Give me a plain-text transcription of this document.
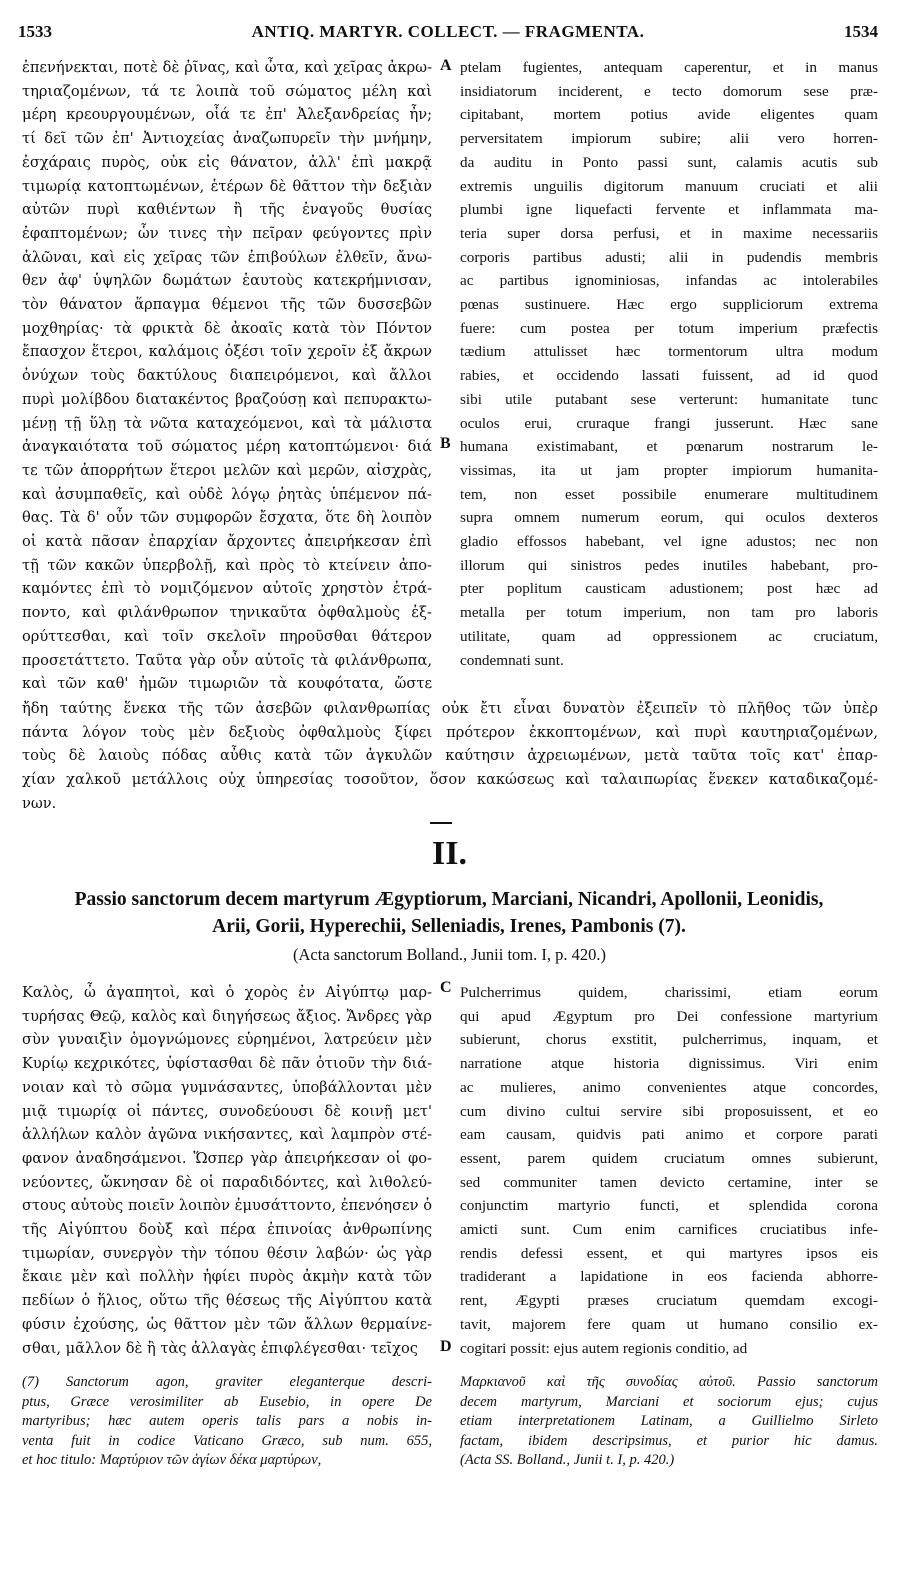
1533	ANTIQ. MARTYR. COLLECT. — FRAGMENTA.	1534
ἐπενήνεκται, ποτὲ δὲ ῥῖνας, καὶ ὦτα, καὶ χεῖρας ἀκρω-
τηριαζομένων, τά τε λοιπὰ τοῦ σώματος μέλη καὶ
μέρη κρεουργουμένων, οἷά τε ἐπ' Ἀλεξανδρείας ἦν;
τί δεῖ τῶν ἐπ' Ἀντιοχείας ἀναζωπυρεῖν τὴν μνήμην,
ἐσχάραις πυρὸς, οὐκ εἰς θάνατον, ἀλλ' ἐπὶ μακρᾷ
τιμωρίᾳ κατοπτωμένων, ἑτέρων δὲ θᾶττον τὴν δεξιὰν
αὐτῶν πυρὶ καθιέντων ἢ τῆς ἐναγοῦς θυσίας
ἐφαπτομένων; ὧν τινες τὴν πεῖραν φεύγοντες πρὶν
ἁλῶναι, καὶ εἰς χεῖρας τῶν ἐπιβούλων ἐλθεῖν, ἄνω-
θεν ἀφ' ὑψηλῶν δωμάτων ἑαυτοὺς κατεκρήμνισαν,
τὸν θάνατον ἅρπαγμα θέμενοι τῆς τῶν δυσσεβῶν
μοχθηρίας· τὰ φρικτὰ δὲ ἀκοαῖς κατὰ τὸν Πόντον
ἔπασχον ἕτεροι, καλάμοις ὀξέσι τοῖν χεροῖν ἐξ ἄκρων
ὀνύχων τοὺς δακτύλους διαπειρόμενοι, καὶ ἄλλοι
πυρὶ μολίβδου διατακέντος βραζούσῃ καὶ πεπυρακτω-
μένῃ τῇ ὕλῃ τὰ νῶτα καταχεόμενοι, καὶ τὰ μάλιστα
ἀναγκαιότατα τοῦ σώματος μέρη κατοπτώμενοι· διά
τε τῶν ἀπορρήτων ἕτεροι μελῶν καὶ μερῶν, αἰσχρὰς,
καὶ ἀσυμπαθεῖς, καὶ οὐδὲ λόγῳ ῥητὰς ὑπέμενον πά-
θας. Τὰ δ' οὖν τῶν συμφορῶν ἔσχατα, ὅτε δὴ λοιπὸν
οἱ κατὰ πᾶσαν ἐπαρχίαν ἄρχοντες ἀπειρήκεσαν ἐπὶ
τῇ τῶν κακῶν ὑπερβολῇ, καὶ πρὸς τὸ κτείνειν ἀπο-
καμόντες ἐπὶ τὸ νομιζόμενον αὐτοῖς χρηστὸν ἐτρά-
ποντο, καὶ φιλάνθρωπον τηνικαῦτα ὀφθαλμοὺς ἐξ-
ορύττεσθαι, καὶ τοῖν σκελοῖν πηροῦσθαι θάτερον
προσετάττετο. Ταῦτα γὰρ οὖν αὐτοῖς τὰ φιλάνθρωπα,
καὶ τῶν καθ' ἡμῶν τιμωριῶν τὰ κουφότατα, ὥστε
ptelam fugientes, antequam caperentur, et in manus
insidiatorum inciderent, e tecto domorum sese præ-
cipitabant, mortem potius avide eligentes quam
perversitatem impiorum subire; alii vero horren-
da auditu in Ponto passi sunt, calamis acutis sub
extremis unguilis digitorum manuum cruciati et alii
plumbi igne liquefacti fervente et inflammata ma-
teria super dorsa perfusi, et in maxime necessariis
corporis partibus adusti; alii in pudendis membris
ac partibus ignominiosas, infandas ac intolerabiles
pœnas sustinuere. Hæc ergo suppliciorum extrema
fuere: cum postea per totum imperium præfectis
tædium attulisset hæc tormentorum ultra modum
rabies, et occidendo lassati fuissent, ad id quod
sibi utile putabant sese verterunt: humanitate tunc
oculos erui, cruraque frangi jusserunt. Hæc sane
humana existimabant, et pœnarum nostrarum le-
vissimas, ita ut jam propter impiorum humanita-
tem, non esset possibile enumerare multitudinem
supra omnem numerum eorum, qui oculos dexteros
gladio effossos habebant, vel igne adustos; nec non
illorum qui sinistros pedes inutiles habebant, pro-
pter poplitum causticam adustionem; post hæc ad
metalla per totum imperium, non tam pro laboris
utilitate, quam ad oppressionem ac cruciatum,
condemnati sunt.
ἤδη ταύτης ἕνεκα τῆς τῶν ἀσεβῶν φιλανθρωπίας οὐκ ἔτι εἶναι δυνατὸν ἐξειπεῖν τὸ πλῆθος τῶν ὑπὲρ
πάντα λόγον τοὺς μὲν δεξιοὺς ὀφθαλμοὺς ξίφει πρότερον ἐκκοπτομένων, καὶ πυρὶ καυτηριαζομένων,
τοὺς δὲ λαιοὺς πόδας αὖθις κατὰ τῶν ἀγκυλῶν καύτησιν ἀχρειωμένων, μετὰ ταῦτα τοῖς κατ' ἐπαρ-
χίαν χαλκοῦ μετάλλοις οὐχ ὑπηρεσίας τοσοῦτον, ὅσον κακώσεως καὶ ταλαιπωρίας ἕνεκεν καταδικαζομέ-
νων.
A
B
C
D
II.
Passio sanctorum decem martyrum Ægyptiorum, Marciani, Nicandri, Apollonii, Leonidis,
Arii, Gorii, Hyperechii, Selleniadis, Irenes, Pambonis (7).
(Acta sanctorum Bolland., Junii tom. I, p. 420.)
Καλὸς, ὦ ἀγαπητοὶ, καὶ ὁ χορὸς ἐν Αἰγύπτῳ μαρ-
τυρήσας Θεῷ, καλὸς καὶ διηγήσεως ἄξιος. Ἄνδρες γὰρ
σὺν γυναιξὶν ὁμογνώμονες εὑρημένοι, λατρεύειν μὲν
Κυρίῳ κεχρικότες, ὑφίστασθαι δὲ πᾶν ὁτιοῦν τὴν διά-
νοιαν καὶ τὸ σῶμα γυμνάσαντες, ὑποβάλλονται μὲν
μιᾷ τιμωρίᾳ οἱ πάντες, συνοδεύουσι δὲ κοινῇ μετ'
ἀλλήλων καλὸν ἀγῶνα νικήσαντες, καὶ λαμπρὸν στέ-
φανον ἀναδησάμενοι. Ὥσπερ γὰρ ἀπειρήκεσαν οἱ φο-
νεύοντες, ὤκνησαν δὲ οἱ παραδιδόντες, καὶ λιθολεύ-
στους αὐτοὺς ποιεῖν λοιπὸν ἐμυσάττοντο, ἐπενόησεν ὁ
τῆς Αἰγύπτου δοὺξ καὶ πέρα ἐπινοίας ἀνθρωπίνης
τιμωρίαν, συνεργὸν τὴν τόπου θέσιν λαβών· ὡς γὰρ
ἔκαιε μὲν καὶ πολλὴν ἠφίει πυρὸς ἀκμὴν κατὰ τῶν
πεδίων ὁ ἥλιος, οὕτω τῆς θέσεως τῆς Αἰγύπτου κατὰ
φύσιν ἐχούσης, ὡς θᾶττον μὲν τῶν ἄλλων θερμαίνε-
σθαι, μᾶλλον δὲ ἢ τὰς ἀλλαγὰς ἐπιφλέγεσθαι· τεῖχος
Pulcherrimus quidem, charissimi, etiam eorum
qui apud Ægyptum pro Dei confessione martyrium
subierunt, chorus exstitit, pulcherrimus, inquam, et
narratione atque historia dignissimus. Viri enim
ac mulieres, animo convenientes atque concordes,
cum divino cultui servire sibi proposuissent, et eo
eam causam, quidvis pati animo et corpore parati
essent, parem quidem cruciatum omnes subierunt,
sed communiter tamen devicto certamine, inter se
conjunctim martyrio functi, et splendida corona
amicti sunt. Cum enim carnifices cruciatibus infe-
rendis defessi essent, et qui martyres ipsos eis
tradiderant a lapidatione in eos facienda abhorre-
rent, Ægypti præses cruciatum quemdam excogi-
tavit, majorem fere quam ut humano consilio ex-
cogitari possit: ejus autem regionis conditio, ad
(7) Sanctorum agon, graviter eleganterque descri-
ptus, Græce verosimiliter ab Eusebio, in opere De
martyribus; hæc autem operis talis pars a nobis in-
venta fuit in codice Vaticano Græco, sub num. 655,
et hoc titulo: Μαρτύριον τῶν ἁγίων δέκα μαρτύρων,
Μαρκιανοῦ καὶ τῆς συνοδίας αὐτοῦ. Passio sanctorum
decem martyrum, Marciani et sociorum ejus; cujus
etiam interpretationem Latinam, a Guillielmo Sirleto
factam, ibidem descripsimus, et purior hic damus.
(Acta SS. Bolland., Junii t. I, p. 420.)
